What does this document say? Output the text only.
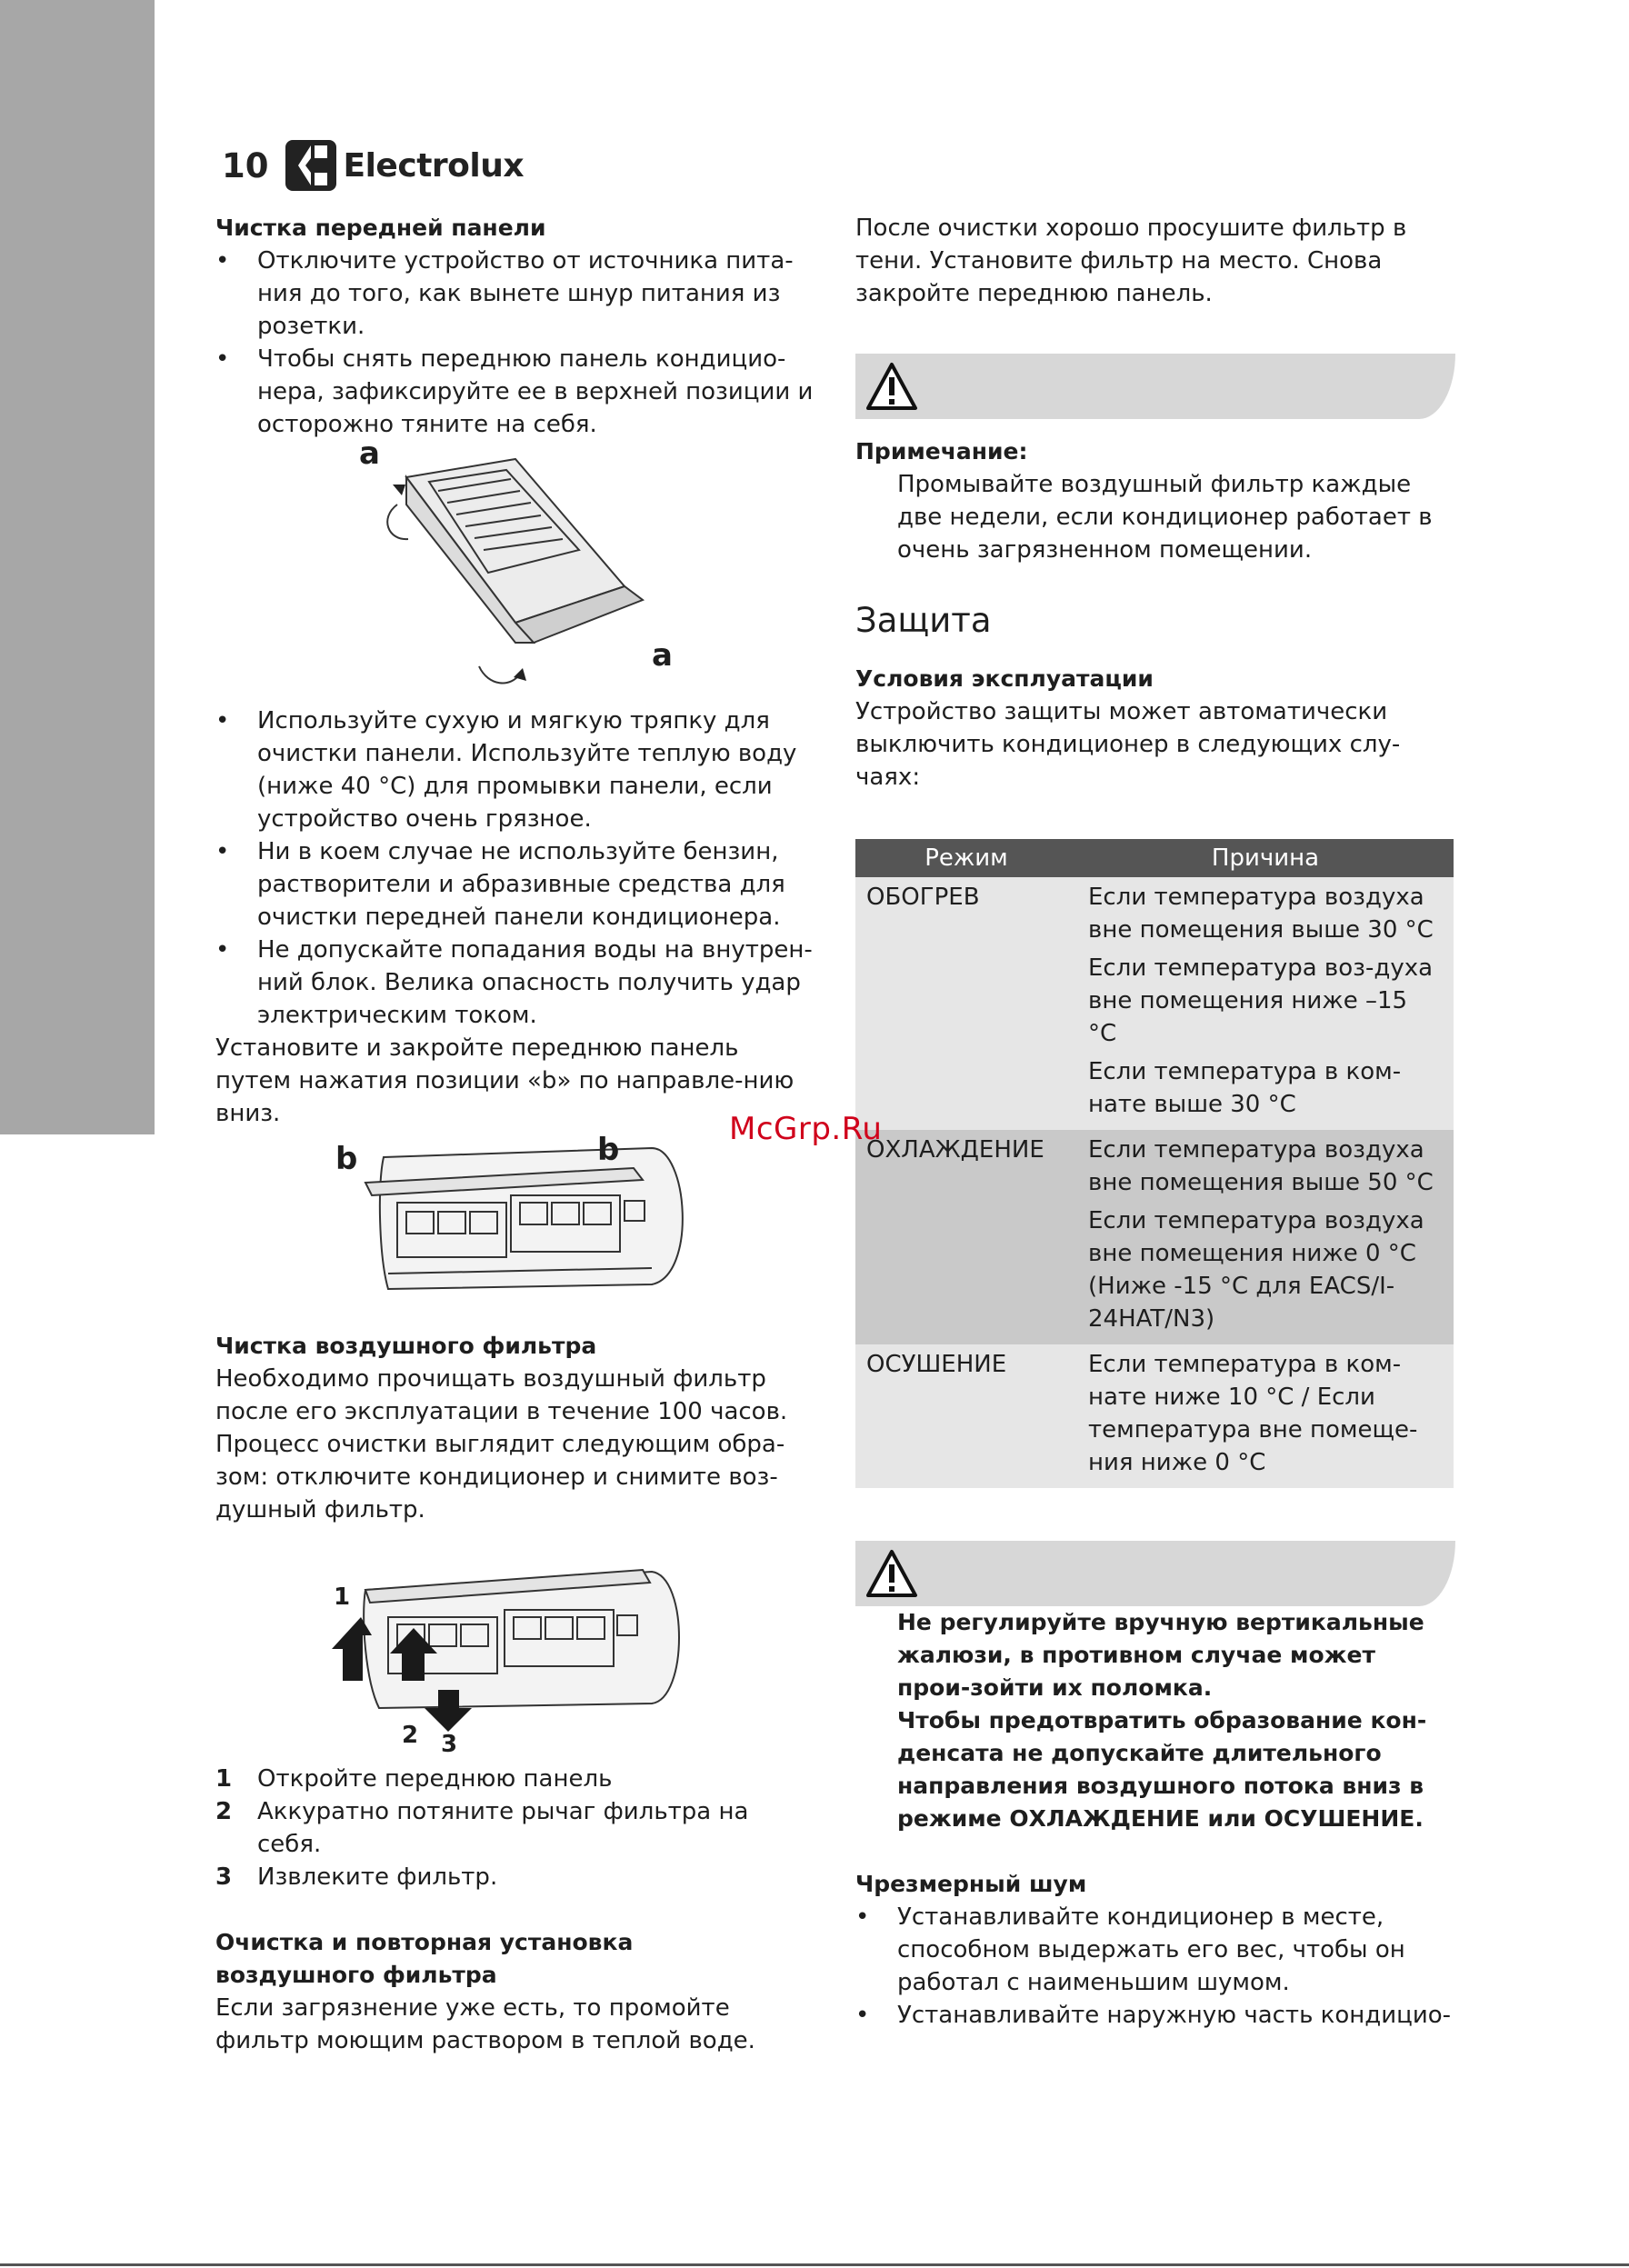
10 Electrolux

Чистка передней панели

• Отключите устройство от источника пита-ния до того, как вынете шнур питания из розетки.
• Чтобы снять переднюю панель кондицио-нера, зафиксируйте ее в верхней позиции и осторожно тяните на себя.
a
a
• Используйте сухую и мягкую тряпку для очистки панели. Используйте теплую воду (ниже 40 °C) для промывки панели, если устройство очень грязное.
• Ни в коем случае не используйте бензин, растворители и абразивные средства для очистки передней панели кондиционера.
• Не допускайте попадания воды на внутрен-ний блок. Велика опасность получить удар электрическим током.

Установите и закройте переднюю панель путем нажатия позиции «b» по направле-нию вниз.

b	b

Чистка воздушного фильтра

Необходимо прочищать воздушный фильтр после его эксплуатации в течение 100 часов. Процесс очистки выглядит следующим обра-зом: отключите кондиционер и снимите воз-душный фильтр.

1
2 3
1 Откройте переднюю панель
2 Аккуратно потяните рычаг фильтра на себя.
3 Извлеките фильтр.

Очистка и повторная установка

воздушного фильтра

Если загрязнение уже есть, то промойте фильтр моющим раствором в теплой воде.

После очистки хорошо просушите фильтр в тени. Установите фильтр на место. Снова закройте переднюю панель.

Примечание:

Промывайте воздушный фильтр каждые две недели, если кондиционер работает в очень загрязненном помещении.

Защита

Условия эксплуатации

Устройство защиты может автоматически выключить кондиционер в следующих слу-чаях:

Режим	Причина
ОБОГРЕВ	Если температура воздуха вне помещения выше 30 °C
Если температура воз-духа вне помещения ниже –15 °C
Если температура в ком-нате выше 30 °C

ОХЛАЖДЕНИЕ	Если температура воздуха вне помещения выше 50 °C
Если температура воздуха вне помещения ниже 0 °C (Ниже -15 °C для EACS/I-24HAT/N3)

ОСУШЕНИЕ	Если температура в ком-нате ниже 10 °C / Если температура вне помеще-ния ниже 0 °C

Не регулируйте вручную вертикальные жалюзи, в противном случае может прои-зойти их поломка.

Чтобы предотвратить образование кон-денсата не допускайте длительного направления воздушного потока вниз в режиме ОХЛАЖДЕНИЕ или ОСУШЕНИЕ.

Чрезмерный шум

• Устанавливайте кондиционер в месте, способном выдержать его вес, чтобы он работал с наименьшим шумом.
• Устанавливайте наружную часть кондицио-
McGrp.Ru
